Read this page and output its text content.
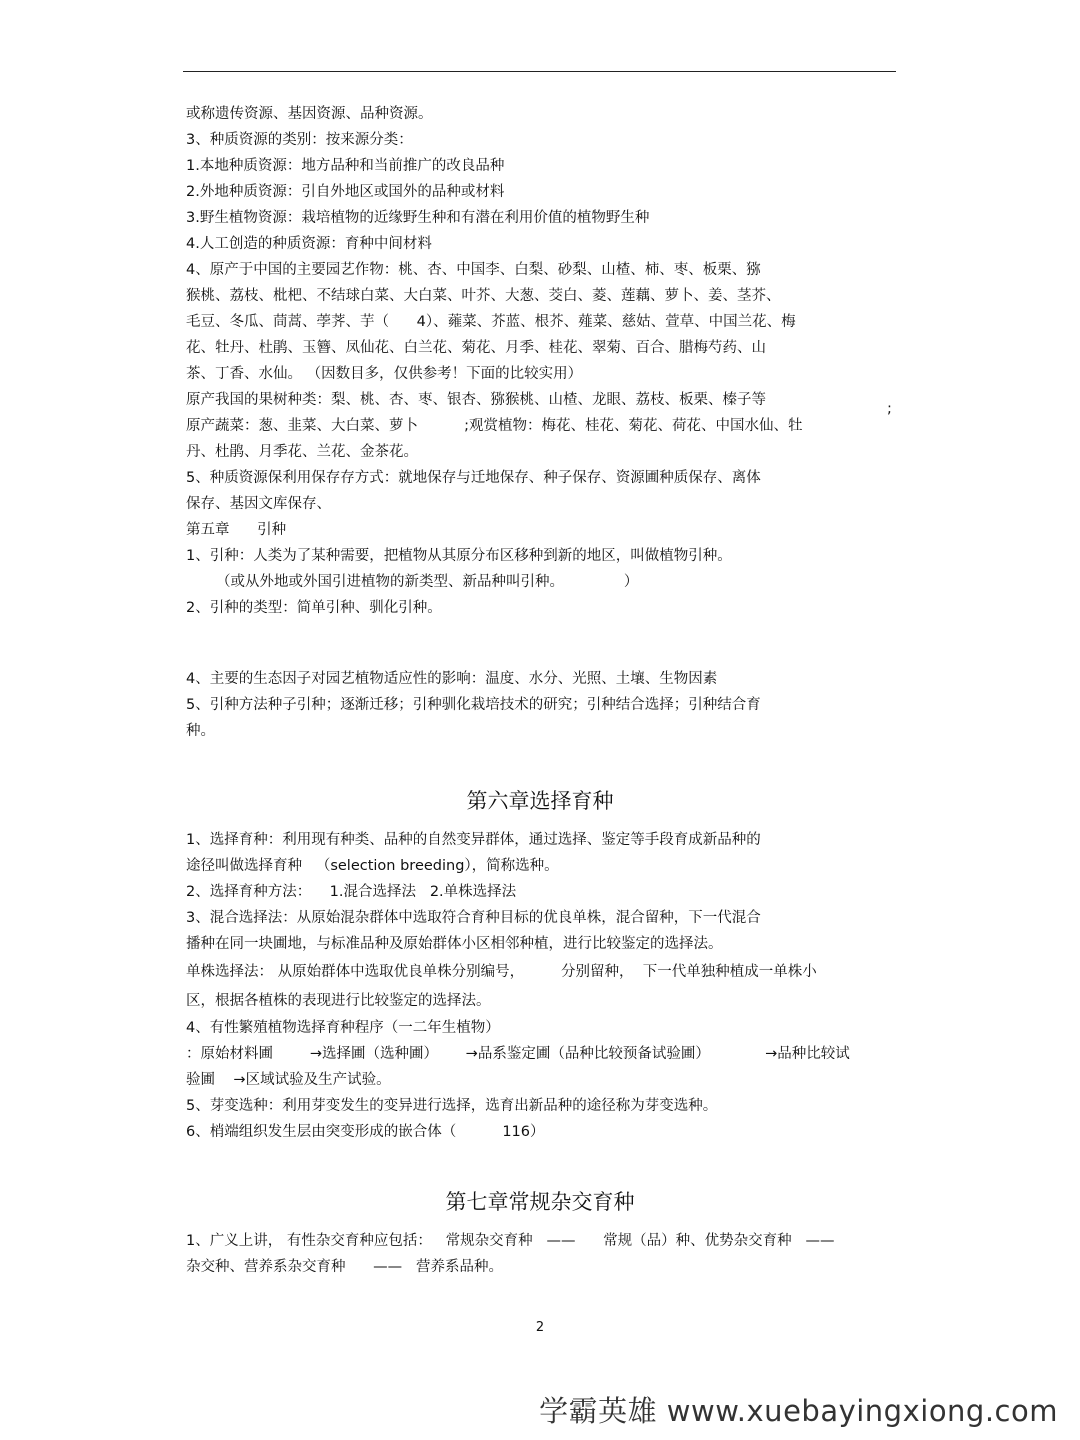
或称遗传资源、基因资源、品种资源。
3、种质资源的类别：按来源分类：
1.本地种质资源：地方品种和当前推广的改良品种
2.外地种质资源：引自外地区或国外的品种或材料
3.野生植物资源：栽培植物的近缘野生种和有潜在利用价值的植物野生种
4.人工创造的种质资源：育种中间材料
4、原产于中国的主要园艺作物：桃、杏、中国李、白梨、砂梨、山楂、柿、枣、板栗、猕
猴桃、荔枝、枇杷、不结球白菜、大白菜、叶芥、大葱、茭白、菱、莲藕、萝卜、姜、茎芥、
毛豆、冬瓜、茼蒿、荸荠、芋（      4）、蕹菜、芥蓝、根芥、薤菜、慈姑、萱草、中国兰花、梅
花、牡丹、杜鹃、玉簪、凤仙花、白兰花、菊花、月季、桂花、翠菊、百合、腊梅芍药、山
茶、丁香、水仙。 （因数目多，仅供参考！下面的比较实用）
原产我国的果树种类：梨、桃、杏、枣、银杏、猕猴桃、山楂、龙眼、荔枝、板栗、榛子等
原产蔬菜：葱、韭菜、大白菜、萝卜          ;观赏植物：梅花、桂花、菊花、荷花、中国水仙、牡
丹、杜鹃、月季花、兰花、金茶花。
5、种质资源保利用保存存方式：就地保存与迁地保存、种子保存、资源圃种质保存、离体
保存、基因文库保存、
第五章      引种
1、引种：人类为了某种需要，把植物从其原分布区移种到新的地区，叫做植物引种。
（或从外地或外国引进植物的新类型、新品种叫引种。             ）
2、引种的类型：简单引种、驯化引种。
;
4、主要的生态因子对园艺植物适应性的影响：温度、水分、光照、土壤、生物因素
5、引种方法种子引种；逐渐迁移；引种驯化栽培技术的研究；引种结合选择；引种结合育
种。
第六章选择育种
1、选择育种：利用现有种类、品种的自然变异群体，通过选择、鉴定等手段育成新品种的
途径叫做选择育种   （selection breeding），简称选种。
2、选择育种方法：    1.混合选择法   2.单株选择法
3、混合选择法：从原始混杂群体中选取符合育种目标的优良单株，混合留种，下一代混合
播种在同一块圃地，与标准品种及原始群体小区相邻种植，进行比较鉴定的选择法。
单株选择法： 从原始群体中选取优良单株分别编号，        分别留种，  下一代单独种植成一单株小
区，根据各植株的表现进行比较鉴定的选择法。
4、有性繁殖植物选择育种程序（一二年生植物）
：原始材料圃        →选择圃（选种圃）      →品系鉴定圃（品种比较预备试验圃）            →品种比较试
验圃    →区域试验及生产试验。
5、芽变选种：利用芽变发生的变异进行选择，选育出新品种的途径称为芽变选种。
6、梢端组织发生层由突变形成的嵌合体（          116）
第七章常规杂交育种
1、广义上讲， 有性杂交育种应包括：   常规杂交育种   ——      常规（品）种、优势杂交育种   ——
杂交种、营养系杂交育种      ——   营养系品种。
2
学霸英雄 www.xuebayingxiong.com
